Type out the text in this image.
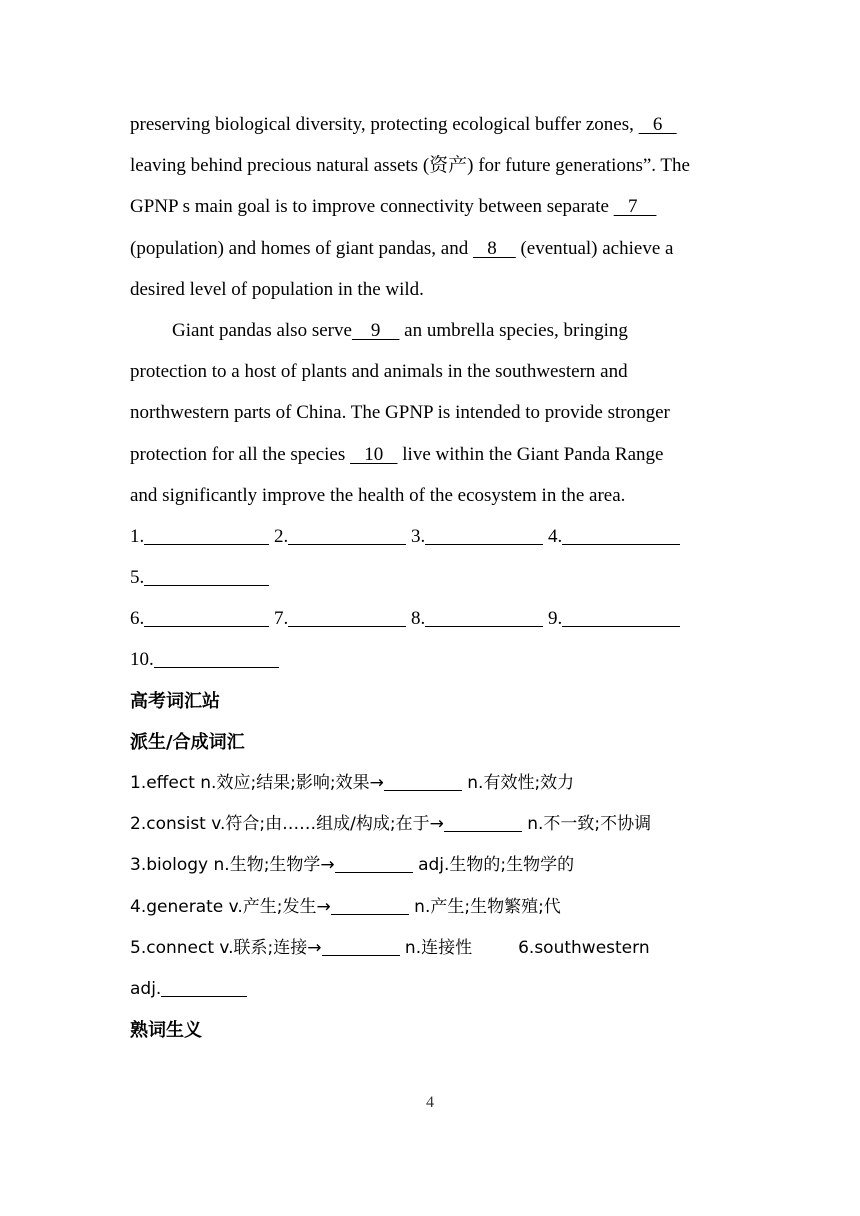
preserving biological diversity, protecting ecological buffer zones,    6
leaving behind precious natural assets (资产) for future generations”. The
GPNP s main goal is to improve connectivity between separate    7
(population) and homes of giant pandas, and    8     (eventual) achieve a
desired level of population in the wild.
Giant pandas also serve    9     an umbrella species, bringing
protection to a host of plants and animals in the southwestern and
northwestern parts of China. The GPNP is intended to provide stronger
protection for all the species    10    live within the Giant Panda Range
and significantly improve the health of the ecosystem in the area.
1.	2.	3.	4.
5.
6.	7.	8.	9.
10.
高考词汇站
派生/合成词汇
1.effect n.效应;结果;影响;效果→	n.有效性;效力
2.consist v.符合;由……组成/构成;在于→	n.不一致;不协调
3.biology n.生物;生物学→	adj.生物的;生物学的
4.generate v.产生;发生→	n.产生;生物繁殖;代
5.connect v.联系;连接→	n.连接性	6.southwestern
adj.
熟词生义
4
